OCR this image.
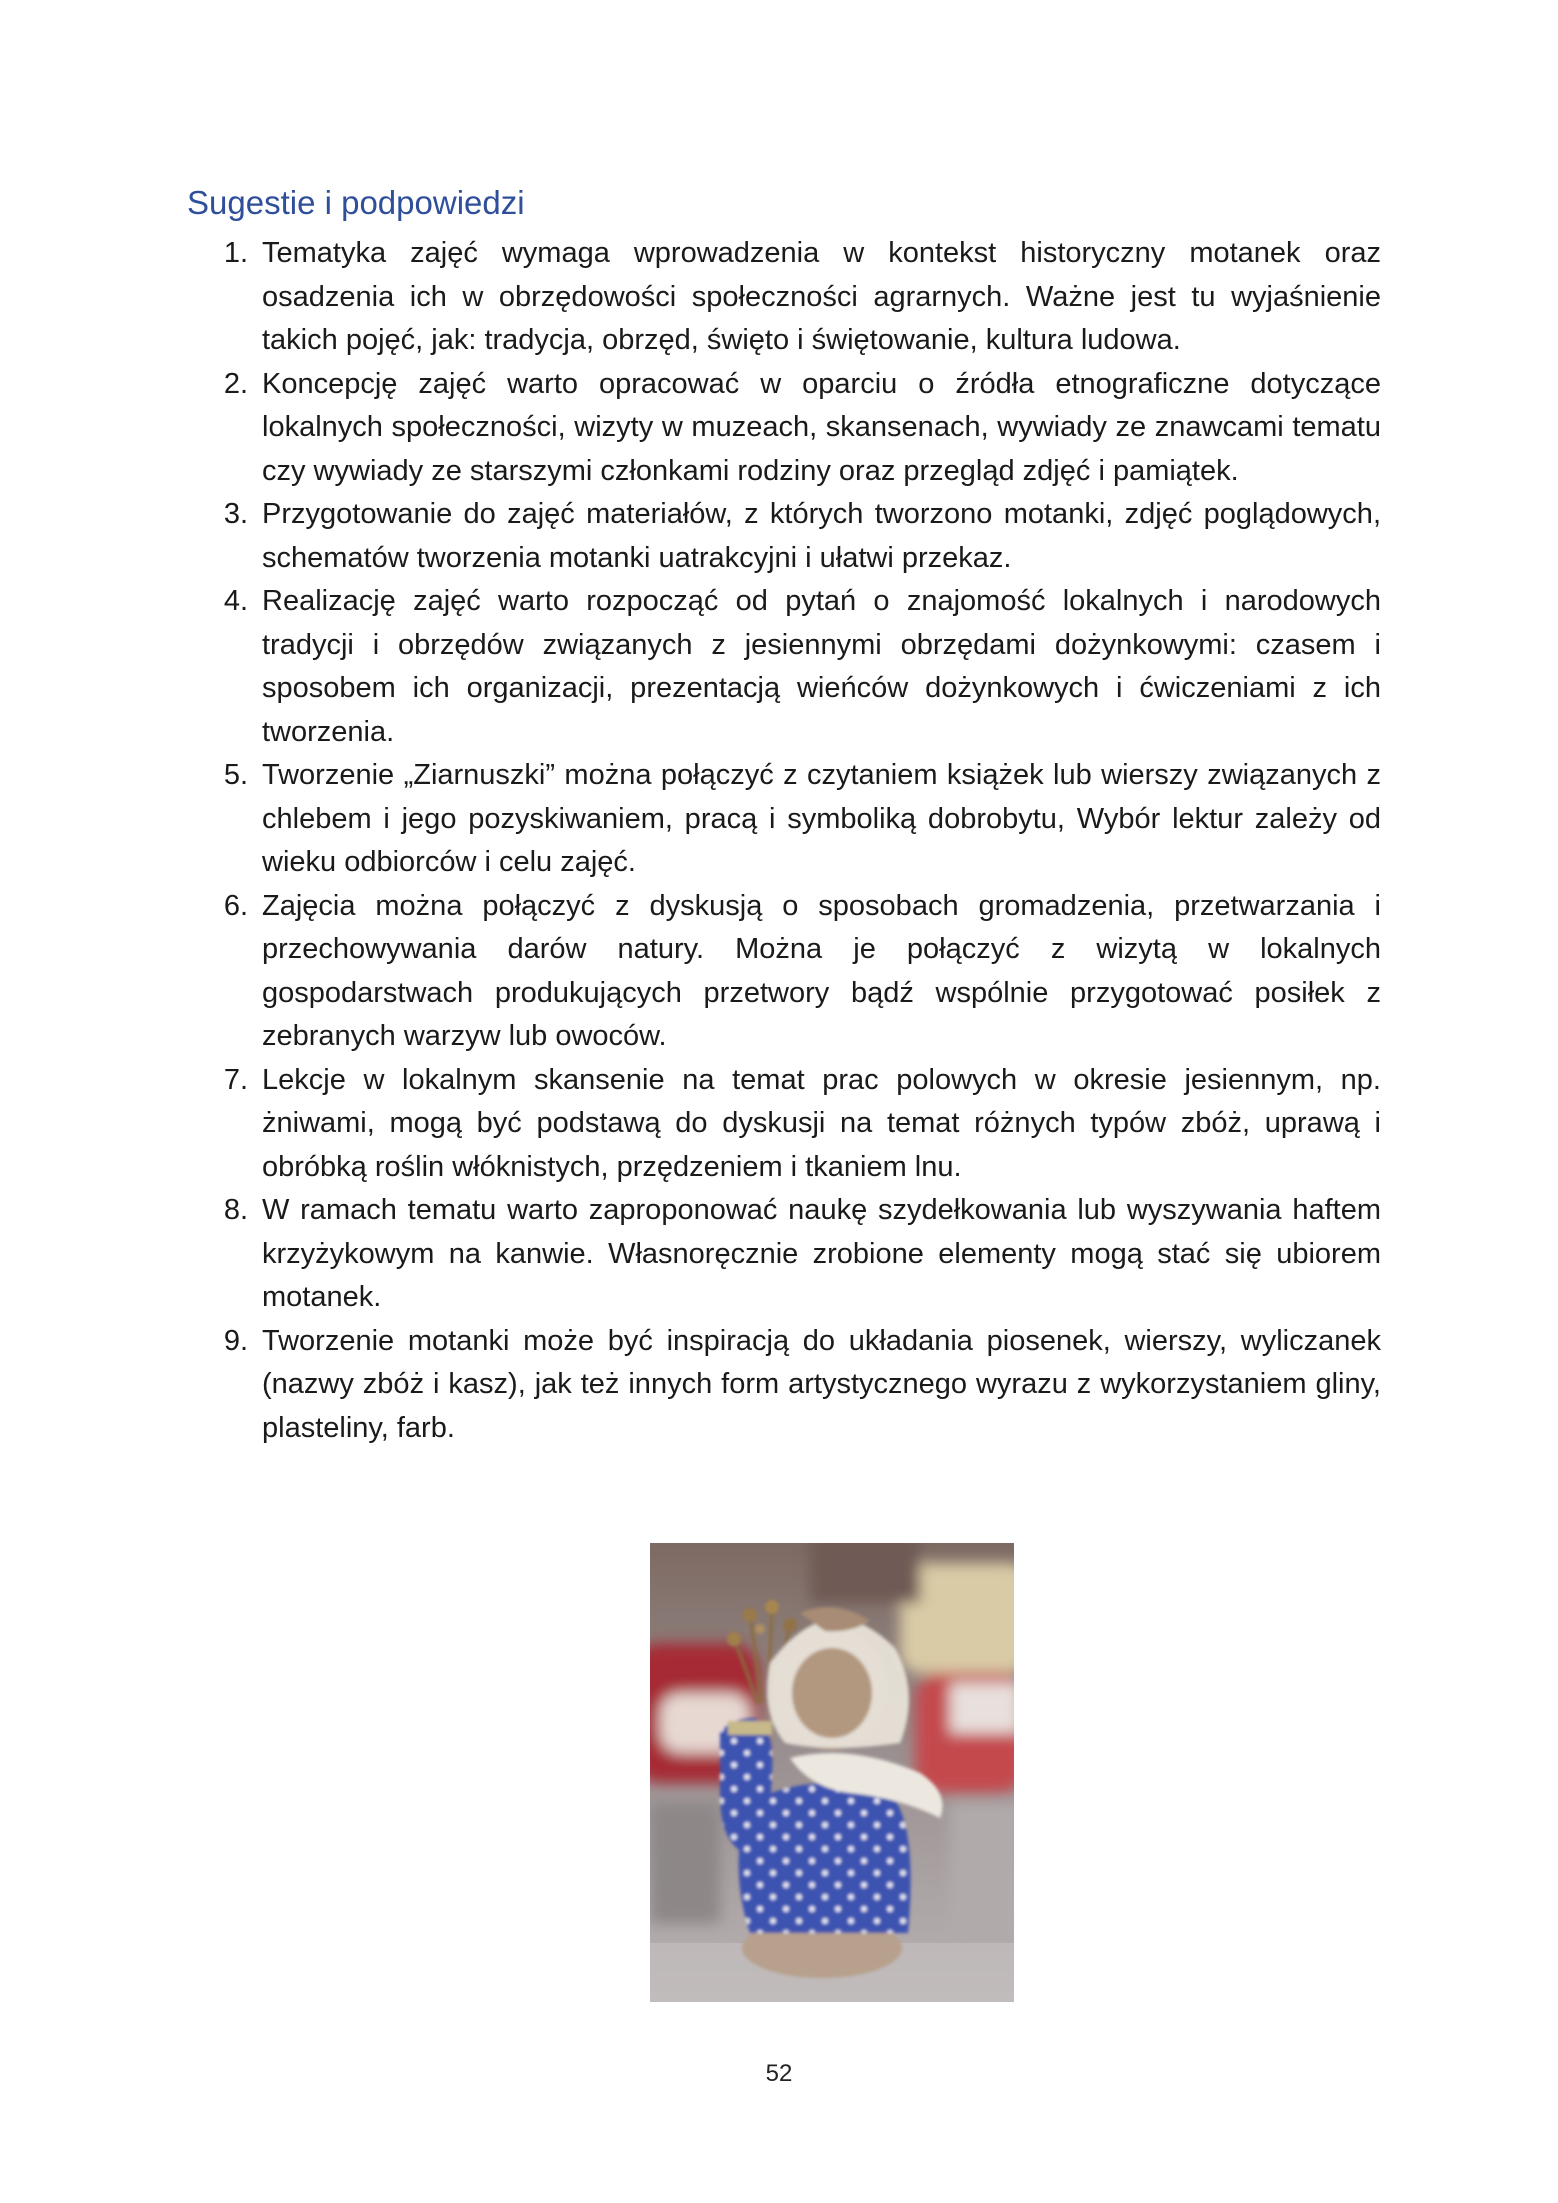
Sugestie i podpowiedzi
1. Tematyka zajęć wymaga wprowadzenia w kontekst historyczny motanek oraz osadzenia ich w obrzędowości społeczności agrarnych. Ważne jest tu wyjaśnienie takich pojęć, jak: tradycja, obrzęd, święto i świętowanie, kultura ludowa.
2. Koncepcję zajęć warto opracować w oparciu o źródła etnograficzne dotyczące lokalnych społeczności, wizyty w muzeach, skansenach, wywiady ze znawcami tematu czy wywiady ze starszymi członkami rodziny oraz przegląd zdjęć i pamiątek.
3. Przygotowanie do zajęć materiałów, z których tworzono motanki, zdjęć poglądowych, schematów tworzenia motanki uatrakcyjni i ułatwi przekaz.
4. Realizację zajęć warto rozpocząć od pytań o znajomość lokalnych i narodowych tradycji i obrzędów związanych z jesiennymi obrzędami dożynkowymi: czasem i sposobem ich organizacji, prezentacją wieńców dożynkowych i ćwiczeniami z ich tworzenia.
5. Tworzenie „Ziarnuszki” można połączyć z czytaniem książek lub wierszy związanych z chlebem i jego pozyskiwaniem, pracą i symboliką dobrobytu, Wybór lektur zależy od wieku odbiorców i celu zajęć.
6. Zajęcia można połączyć z dyskusją o sposobach gromadzenia, przetwarzania i przechowywania darów natury. Można je połączyć z wizytą w lokalnych gospodarstwach produkujących przetwory bądź wspólnie przygotować posiłek z zebranych warzyw lub owoców.
7. Lekcje w lokalnym skansenie na temat prac polowych w okresie jesiennym, np. żniwami, mogą być podstawą do dyskusji na temat różnych typów zbóż, uprawą i obróbką roślin włóknistych, przędzeniem i tkaniem lnu.
8. W ramach tematu warto zaproponować naukę szydełkowania lub wyszywania haftem krzyżykowym na kanwie. Własnoręcznie zrobione elementy mogą stać się ubiorem motanek.
9. Tworzenie motanki może być inspiracją do układania piosenek, wierszy, wyliczanek (nazwy zbóż i kasz), jak też innych form artystycznego wyrazu z wykorzystaniem gliny, plasteliny, farb.
52
